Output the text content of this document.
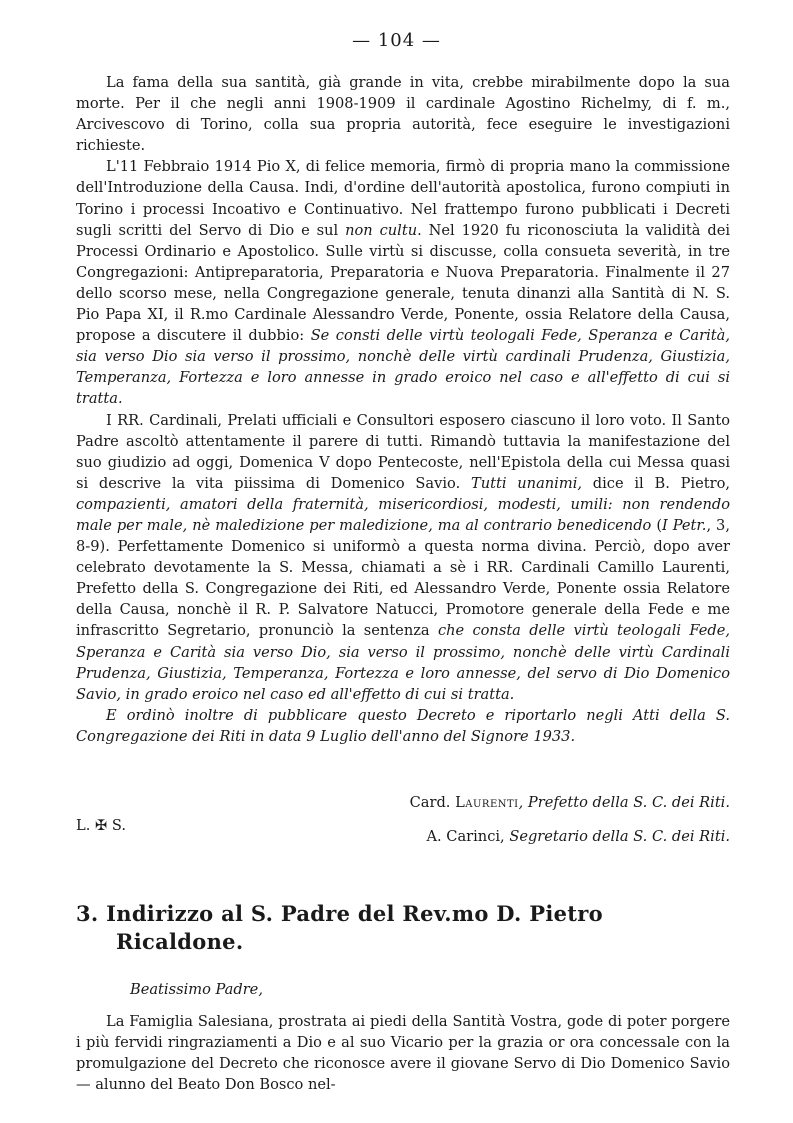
— 104 —

La fama della sua santità, già grande in vita, crebbe mirabilmente dopo la sua morte. Per il che negli anni 1908-1909 il cardinale Agostino Richelmy, di f. m., Arcivescovo di Torino, colla sua propria autorità, fece eseguire le investigazioni richieste.

L'11 Febbraio 1914 Pio X, di felice memoria, firmò di propria mano la commissione dell'Introduzione della Causa. Indi, d'ordine dell'autorità apostolica, furono compiuti in Torino i processi Incoativo e Continuativo. Nel frattempo furono pubblicati i Decreti sugli scritti del Servo di Dio e sul non cultu. Nel 1920 fu riconosciuta la validità dei Processi Ordinario e Apostolico. Sulle virtù si discusse, colla consueta severità, in tre Congregazioni: Antipreparatoria, Preparatoria e Nuova Preparatoria. Finalmente il 27 dello scorso mese, nella Congregazione generale, tenuta dinanzi alla Santità di N. S. Pio Papa XI, il R.mo Cardinale Alessandro Verde, Ponente, ossia Relatore della Causa, propose a discutere il dubbio: Se consti delle virtù teologali Fede, Speranza e Carità, sia verso Dio sia verso il prossimo, nonchè delle virtù cardinali Prudenza, Giustizia, Temperanza, Fortezza e loro annesse in grado eroico nel caso e all'effetto di cui si tratta.

I RR. Cardinali, Prelati ufficiali e Consultori esposero ciascuno il loro voto. Il Santo Padre ascoltò attentamente il parere di tutti. Rimandò tuttavia la manifestazione del suo giudizio ad oggi, Domenica V dopo Pentecoste, nell'Epistola della cui Messa quasi si descrive la vita piissima di Domenico Savio. Tutti unanimi, dice il B. Pietro, compazienti, amatori della fraternità, misericordiosi, modesti, umili: non rendendo male per male, nè maledizione per maledizione, ma al contrario benedicendo (I Petr., 3, 8-9). Perfettamente Domenico si uniformò a questa norma divina. Perciò, dopo aver celebrato devotamente la S. Messa, chiamati a sè i RR. Cardinali Camillo Laurenti, Prefetto della S. Congregazione dei Riti, ed Alessandro Verde, Ponente ossia Relatore della Causa, nonchè il R. P. Salvatore Natucci, Promotore generale della Fede e me infrascritto Segretario, pronunciò la sentenza che consta delle virtù teologali Fede, Speranza e Carità sia verso Dio, sia verso il prossimo, nonchè delle virtù Cardinali Prudenza, Giustizia, Temperanza, Fortezza e loro annesse, del servo di Dio Domenico Savio, in grado eroico nel caso ed all'effetto di cui si tratta.

E ordinò inoltre di pubblicare questo Decreto e riportarlo negli Atti della S. Congregazione dei Riti in data 9 Luglio dell'anno del Signore 1933.

L. ✠ S.
Card. Laurenti, Prefetto della S. C. dei Riti.
A. Carinci, Segretario della S. C. dei Riti.
3. Indirizzo al S. Padre del Rev.mo D. Pietro
Ricaldone.
Beatissimo Padre,

La Famiglia Salesiana, prostrata ai piedi della Santità Vostra, gode di poter porgere i più fervidi ringraziamenti a Dio e al suo Vicario per la grazia or ora concessale con la promulgazione del Decreto che riconosce avere il giovane Servo di Dio Domenico Savio — alunno del Beato Don Bosco nel-
